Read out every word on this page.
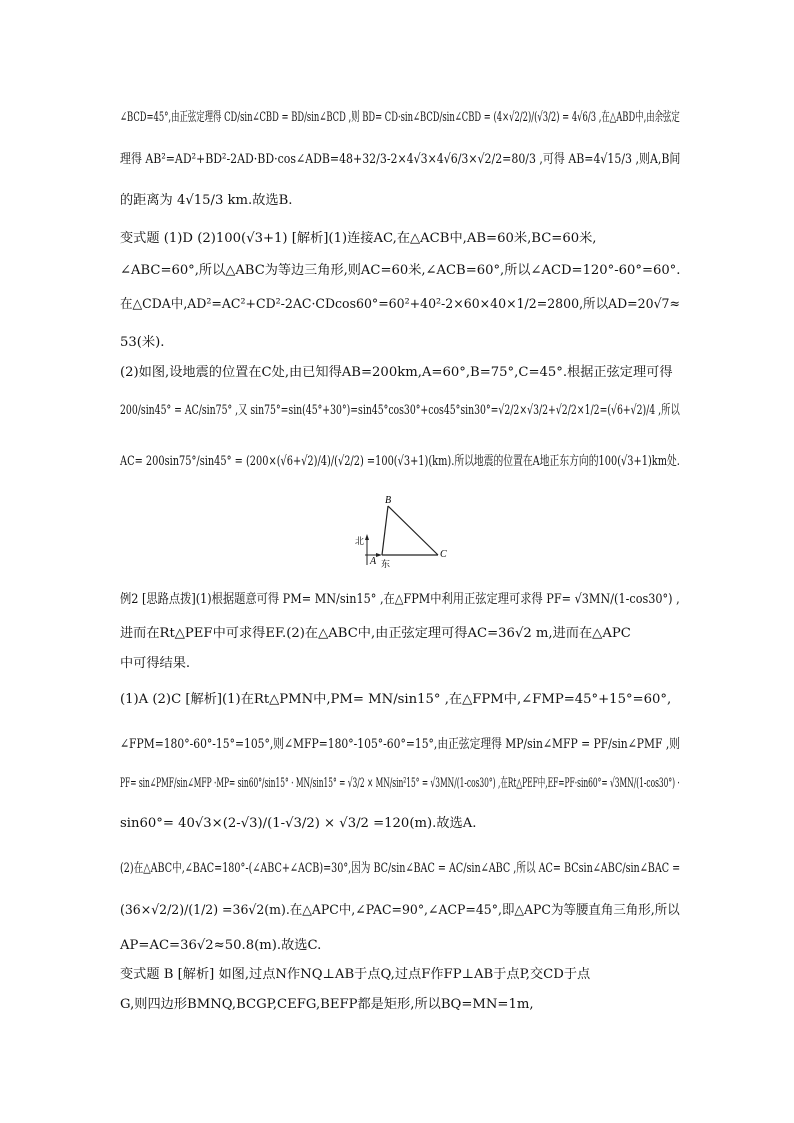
∠BCD=45°,由正弦定理得 CD/sin∠CBD = BD/sin∠BCD ,则 BD= CD·sin∠BCD/sin∠CBD = (4×√2/2)/(√3/2) = 4√6/3 ,在△ABD中,由余弦定
理得 AB²=AD²+BD²-2AD·BD·cos∠ADB=48+32/3-2×4√3×4√6/3×√2/2=80/3 ,可得 AB=4√15/3 ,则A,B间
的距离为 4√15/3 km.故选B.
变式题 (1)D (2)100(√3+1) [解析](1)连接AC,在△ACB中,AB=60米,BC=60米,
∠ABC=60°,所以△ABC为等边三角形,则AC=60米,∠ACB=60°,所以∠ACD=120°-60°=60°.
在△CDA中,AD²=AC²+CD²-2AC·CDcos60°=60²+40²-2×60×40×1/2=2800,所以AD=20√7≈
53(米).
(2)如图,设地震的位置在C处,由已知得AB=200km,A=60°,B=75°,C=45°.根据正弦定理可得
200/sin45° = AC/sin75° ,又 sin75°=sin(45°+30°)=sin45°cos30°+cos45°sin30°=√2/2×√3/2+√2/2×1/2=(√6+√2)/4 ,所以
AC= 200sin75°/sin45° = (200×(√6+√2)/4)/(√2/2) =100(√3+1)(km).所以地震的位置在A地正东方向的100(√3+1)km处.
B
A
C
北
东
例2 [思路点拨](1)根据题意可得 PM= MN/sin15° ,在△FPM中利用正弦定理可求得 PF= √3MN/(1-cos30°) ,
进而在Rt△PEF中可求得EF.(2)在△ABC中,由正弦定理可得AC=36√2 m,进而在△APC
中可得结果.
(1)A (2)C [解析](1)在Rt△PMN中,PM= MN/sin15° ,在△FPM中,∠FMP=45°+15°=60°,
∠FPM=180°-60°-15°=105°,则∠MFP=180°-105°-60°=15°,由正弦定理得 MP/sin∠MFP = PF/sin∠PMF ,则
PF= sin∠PMF/sin∠MFP ·MP= sin60°/sin15° · MN/sin15° = √3/2 × MN/sin²15° = √3MN/(1-cos30°) ,在Rt△PEF中,EF=PF·sin60°= √3MN/(1-cos30°) ·
sin60°= 40√3×(2-√3)/(1-√3/2) × √3/2 =120(m).故选A.
(2)在△ABC中,∠BAC=180°-(∠ABC+∠ACB)=30°,因为 BC/sin∠BAC = AC/sin∠ABC ,所以 AC= BCsin∠ABC/sin∠BAC =
(36×√2/2)/(1/2) =36√2(m).在△APC中,∠PAC=90°,∠ACP=45°,即△APC为等腰直角三角形,所以
AP=AC=36√2≈50.8(m).故选C.
变式题 B [解析] 如图,过点N作NQ⊥AB于点Q,过点F作FP⊥AB于点P,交CD于点
G,则四边形BMNQ,BCGP,CEFG,BEFP都是矩形,所以BQ=MN=1m,
